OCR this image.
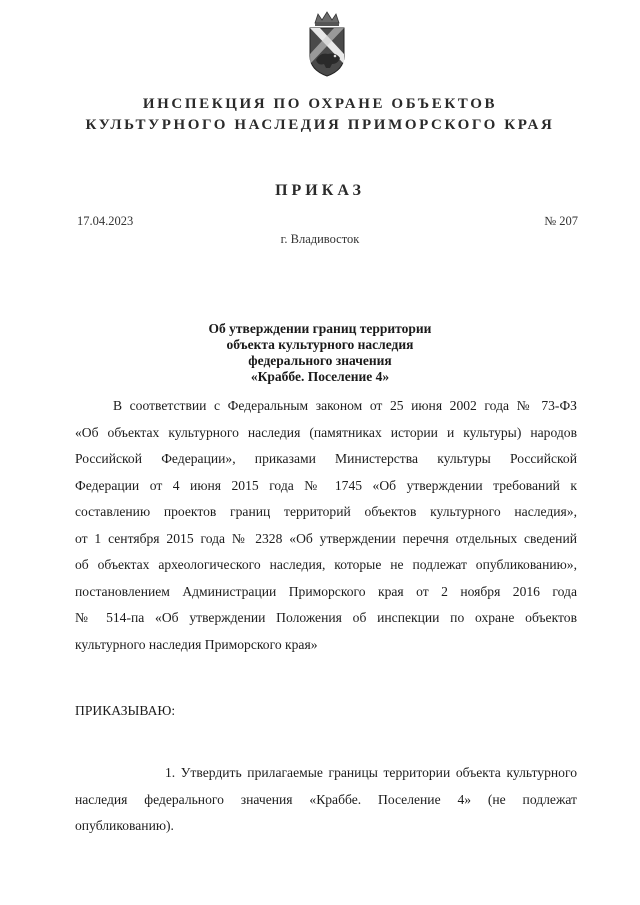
ИНСПЕКЦИЯ ПО ОХРАНЕ ОБЪЕКТОВ
КУЛЬТУРНОГО НАСЛЕДИЯ ПРИМОРСКОГО КРАЯ
ПРИКАЗ
17.04.2023	№ 207
г. Владивосток
Об утверждении границ территории
объекта культурного наследия
федерального значения
«Краббе. Поселение 4»
В соответствии с Федеральным законом от 25 июня 2002 года № 73-ФЗ
«Об объектах культурного наследия (памятниках истории и культуры) народов
Российской Федерации», приказами Министерства культуры Российской
Федерации от 4 июня 2015 года № 1745 «Об утверждении требований к
составлению проектов границ территорий объектов культурного наследия»,
от 1 сентября 2015 года № 2328 «Об утверждении перечня отдельных сведений
об объектах археологического наследия, которые не подлежат опубликованию»,
постановлением Администрации Приморского края от 2 ноября 2016 года
№ 514-па «Об утверждении Положения об инспекции по охране объектов
культурного наследия Приморского края»
ПРИКАЗЫВАЮ:
1. Утвердить прилагаемые границы территории объекта культурного
наследия федерального значения «Краббе. Поселение 4» (не подлежат
опубликованию).
